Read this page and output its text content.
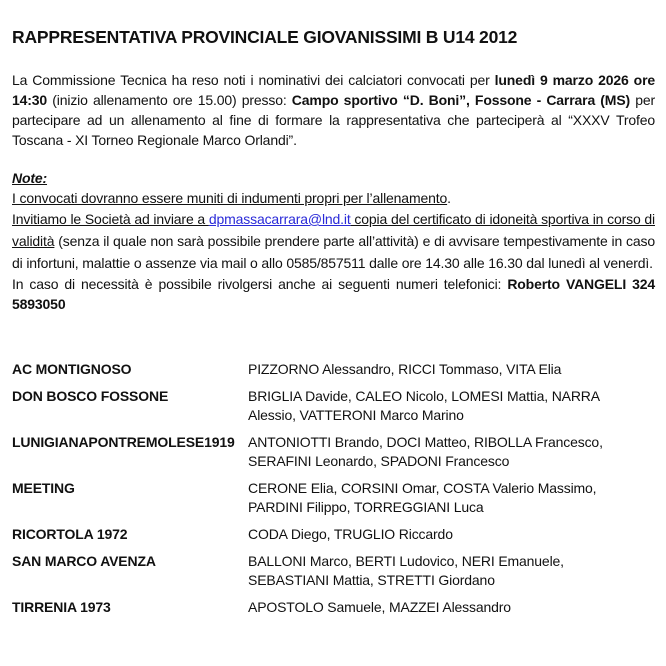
RAPPRESENTATIVA PROVINCIALE GIOVANISSIMI B U14 2012

La Commissione Tecnica ha reso noti i nominativi dei calciatori convocati per lunedì 9 marzo 2026 ore 14:30 (inizio allenamento ore 15.00) presso: Campo sportivo “D. Boni”, Fossone - Carrara (MS) per partecipare ad un allenamento al fine di formare la rappresentativa che parteciperà al “XXXV Trofeo Toscana - XI Torneo Regionale Marco Orlandi”.

Note:
I convocati dovranno essere muniti di indumenti propri per l’allenamento.
Invitiamo le Società ad inviare a dpmassacarrara@lnd.it copia del certificato di idoneità sportiva in corso di validità (senza il quale non sarà possibile prendere parte all’attività) e di avvisare tempestivamente in caso di infortuni, malattie o assenze via mail o allo 0585/857511 dalle ore 14.30 alle 16.30 dal lunedì al venerdì.
In caso di necessità è possibile rivolgersi anche ai seguenti numeri telefonici: Roberto VANGELI 324 5893050
AC MONTIGNOSO	PIZZORNO Alessandro, RICCI Tommaso, VITA Elia
DON BOSCO FOSSONE	BRIGLIA Davide, CALEO Nicolo, LOMESI Mattia, NARRA Alessio, VATTERONI Marco Marino
LUNIGIANAPONTREMOLESE1919 ANTONIOTTI Brando, DOCI Matteo, RIBOLLA Francesco, SERAFINI Leonardo, SPADONI Francesco
MEETING	CERONE Elia, CORSINI Omar, COSTA Valerio Massimo, PARDINI Filippo, TORREGGIANI Luca
RICORTOLA 1972	CODA Diego, TRUGLIO Riccardo
SAN MARCO AVENZA	BALLONI Marco, BERTI Ludovico, NERI Emanuele, SEBASTIANI Mattia, STRETTI Giordano
TIRRENIA 1973	APOSTOLO Samuele, MAZZEI Alessandro
